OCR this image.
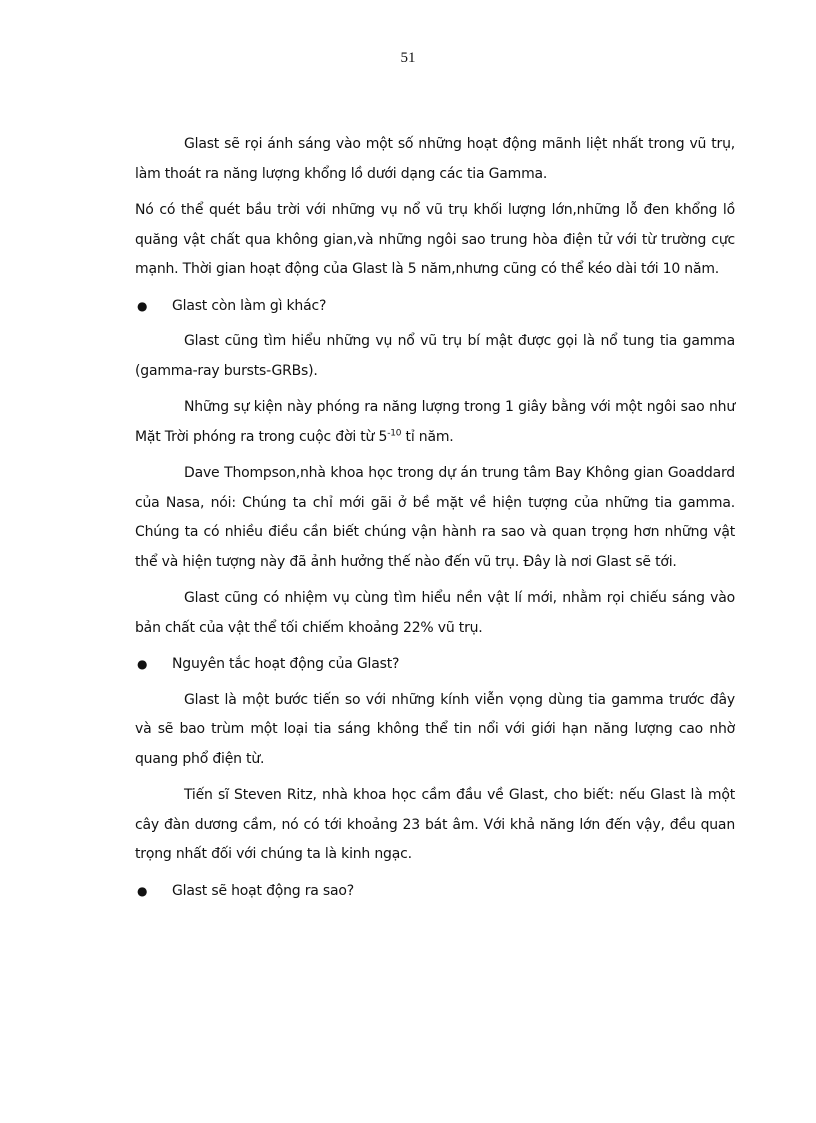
51

Glast sẽ rọi ánh sáng vào một số những hoạt động mãnh liệt nhất trong vũ trụ, làm thoát ra năng lượng khổng lồ dưới dạng các tia Gamma.

Nó có thể quét bầu trời với những vụ nổ vũ trụ khối lượng lớn,những lỗ đen khổng lồ quăng vật chất qua không gian,và những ngôi sao trung hòa điện tử với từ trường cực mạnh. Thời gian hoạt động của Glast là 5 năm,nhưng cũng có thể kéo dài tới 10 năm.

●	Glast còn làm gì khác?

Glast cũng tìm hiểu những vụ nổ vũ trụ bí mật được gọi là nổ tung tia gamma (gamma-ray bursts-GRBs).

Những sự kiện này phóng ra năng lượng trong 1 giây bằng với một ngôi sao như Mặt Trời phóng ra trong cuộc đời từ $5^{-10}$ tỉ năm.

Dave Thompson,nhà khoa học trong dự án trung tâm Bay Không gian Goaddard của Nasa, nói: Chúng ta chỉ mới gãi ở bề mặt về hiện tượng của những tia gamma. Chúng ta có nhiều điều cần biết chúng vận hành ra sao và quan trọng hơn những vật thể và hiện tượng này đã ảnh hưởng thế nào đến vũ trụ. Đây là nơi Glast sẽ tới.

Glast cũng có nhiệm vụ cùng tìm hiểu nền vật lí mới, nhằm rọi chiếu sáng vào bản chất của vật thể tối chiếm khoảng 22% vũ trụ.

●	Nguyên tắc hoạt động của Glast?

Glast là một bước tiến so với những kính viễn vọng dùng tia gamma trước đây và sẽ bao trùm một loại tia sáng không thể tin nổi với giới hạn năng lượng cao nhờ quang phổ điện từ.

Tiến sĩ Steven Ritz, nhà khoa học cầm đầu về Glast, cho biết: nếu Glast là một cây đàn dương cầm, nó có tới khoảng 23 bát âm. Với khả năng lớn đến vậy, đều quan trọng nhất đối với chúng ta là kinh ngạc.

●	Glast sẽ hoạt động ra sao?
